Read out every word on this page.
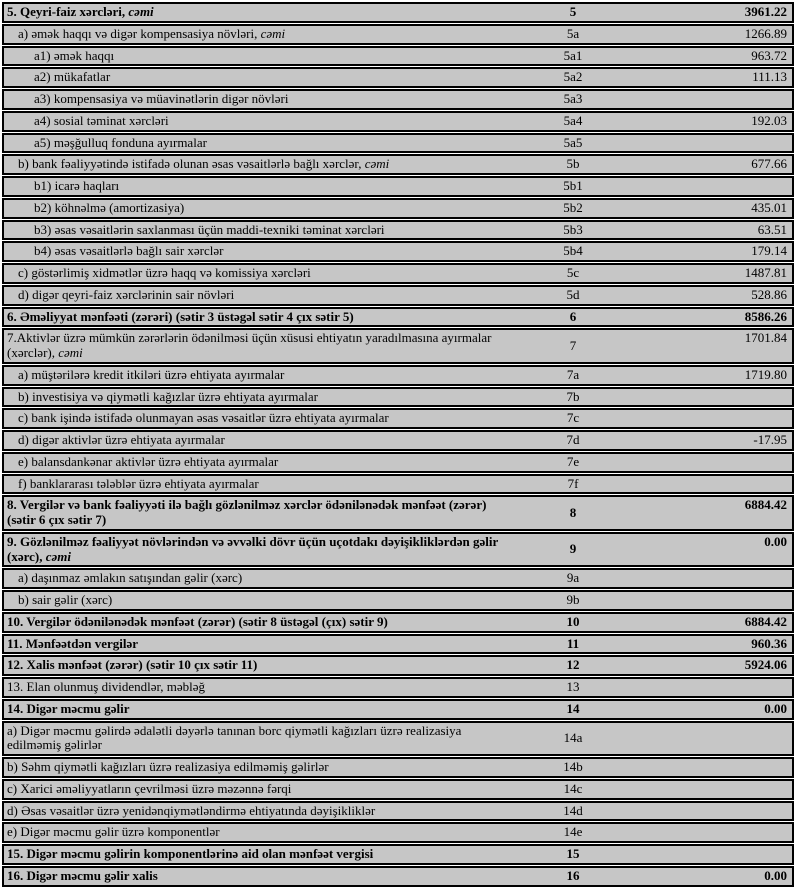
5. Qeyri-faiz xərcləri, cəmi	5	3961.22
a) əmək haqqı və digər kompensasiya növləri, cəmi	5a	1266.89
a1) əmək haqqı	5a1	963.72
a2) mükafatlar	5a2	111.13
a3) kompensasiya və müavinətlərin digər növləri	5a3
a4) sosial təminat xərcləri	5a4	192.03
a5) məşğulluq fonduna ayırmalar	5a5
b) bank fəaliyyətində istifadə olunan əsas vəsaitlərlə bağlı xərclər, cəmi	5b	677.66
b1) icarə haqları	5b1
b2) köhnəlmə (amortizasiya)	5b2	435.01
b3) əsas vəsaitlərin saxlanması üçün maddi-texniki təminat xərcləri	5b3	63.51
b4) əsas vəsaitlərlə bağlı sair xərclər	5b4	179.14
c) göstərlimiş xidmətlər üzrə haqq və komissiya xərcləri	5c	1487.81
d) digər qeyri-faiz xərclərinin sair növləri	5d	528.86
6. Əməliyyat mənfəəti (zərəri) (sətir 3 üstəgəl sətir 4 çıx sətir 5)	6	8586.26
7.Aktivlər üzrə mümkün zərərlərin ödənilməsi üçün xüsusi ehtiyatın yaradılmasına ayırmalar (xərclər), cəmi	7	1701.84
a) müştərilərə kredit itkiləri üzrə ehtiyata ayırmalar	7a	1719.80
b) investisiya və qiymətli kağızlar üzrə ehtiyata ayırmalar	7b
c) bank işində istifadə olunmayan əsas vəsaitlər üzrə ehtiyata ayırmalar	7c
d) digər aktivlər üzrə ehtiyata ayırmalar	7d	-17.95
e) balansdankənar aktivlər üzrə ehtiyata ayırmalar	7e
f) banklararası tələblər üzrə ehtiyata ayırmalar	7f
8. Vergilər və bank fəaliyyəti ilə bağlı gözlənilməz xərclər ödənilənədək mənfəət (zərər) (sətir 6 çıx sətir 7)	8	6884.42
9. Gözlənilməz fəaliyyət növlərindən və əvvəlki dövr üçün uçotdakı dəyişikliklərdən gəlir (xərc), cəmi	9	0.00
a) daşınmaz əmlakın satışından gəlir (xərc)	9a
b) sair gəlir (xərc)	9b
10. Vergilər ödənilənədək mənfəət (zərər) (sətir 8 üstəgəl (çıx) sətir 9)	10	6884.42
11. Mənfəətdən vergilər	11	960.36
12. Xalis mənfəət (zərər) (sətir 10 çıx sətir 11)	12	5924.06
13. Elan olunmuş dividendlər, məbləğ	13
14. Digər məcmu gəlir	14	0.00
a) Digər məcmu gəlirdə ədalətli dəyərlə tanınan borc qiymətli kağızları üzrə realizasiya edilməmiş gəlirlər	14a
b) Səhm qiymətli kağızları üzrə realizasiya edilməmiş gəlirlər	14b
c) Xarici əməliyyatların çevrilməsi üzrə məzənnə fərqi	14c
d) Əsas vəsaitlər üzrə yenidənqiymətləndirmə ehtiyatında dəyişikliklər	14d
e) Digər məcmu gəlir üzrə komponentlər	14e
15. Digər məcmu gəlirin komponentlərinə aid olan mənfəət vergisi	15
16. Digər məcmu gəlir xalis	16	0.00
